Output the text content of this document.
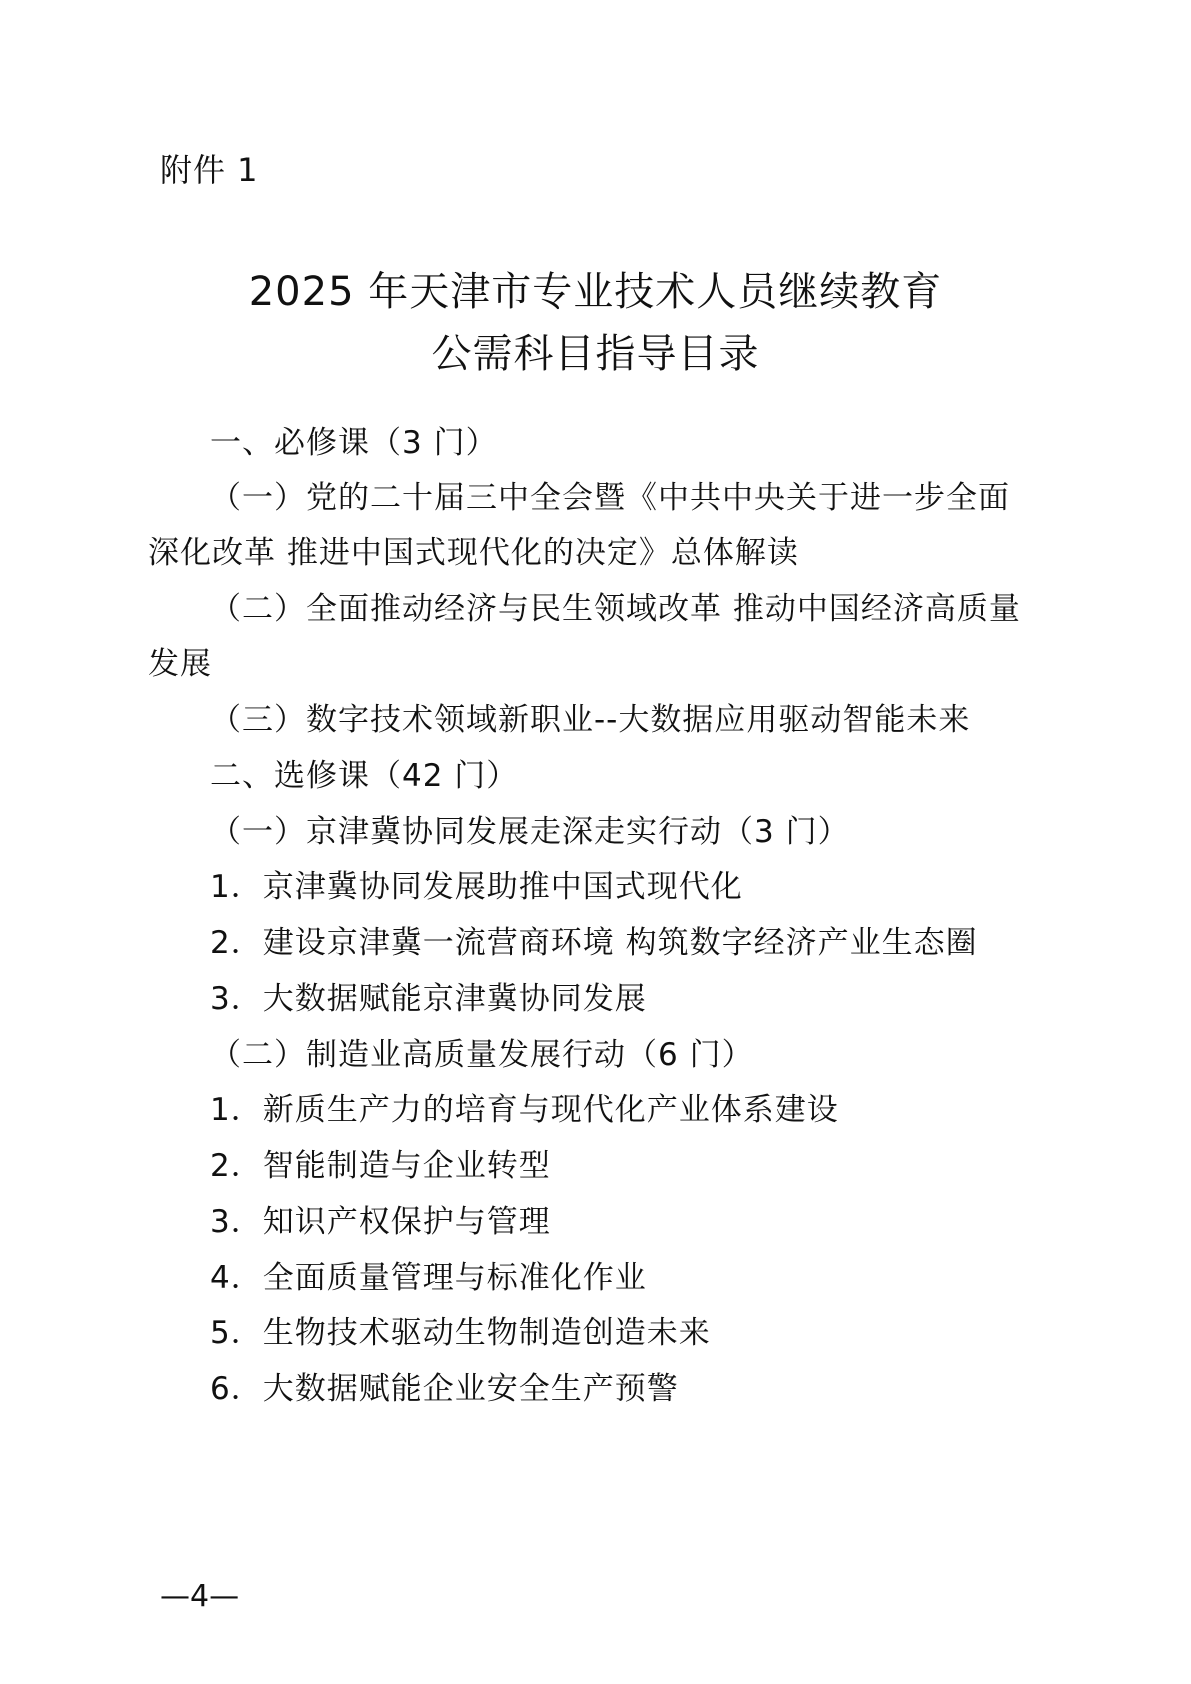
附件 1
2025 年天津市专业技术人员继续教育
公需科目指导目录
一、必修课（3 门）
（一）党的二十届三中全会暨《中共中央关于进一步全面
深化改革 推进中国式现代化的决定》总体解读
（二）全面推动经济与民生领域改革 推动中国经济高质量
发展
（三）数字技术领域新职业--大数据应用驱动智能未来
二、选修课（42 门）
（一）京津冀协同发展走深走实行动（3 门）
1．京津冀协同发展助推中国式现代化
2．建设京津冀一流营商环境 构筑数字经济产业生态圈
3．大数据赋能京津冀协同发展
（二）制造业高质量发展行动（6 门）
1．新质生产力的培育与现代化产业体系建设
2．智能制造与企业转型
3．知识产权保护与管理
4．全面质量管理与标准化作业
5．生物技术驱动生物制造创造未来
6．大数据赋能企业安全生产预警
—4—
